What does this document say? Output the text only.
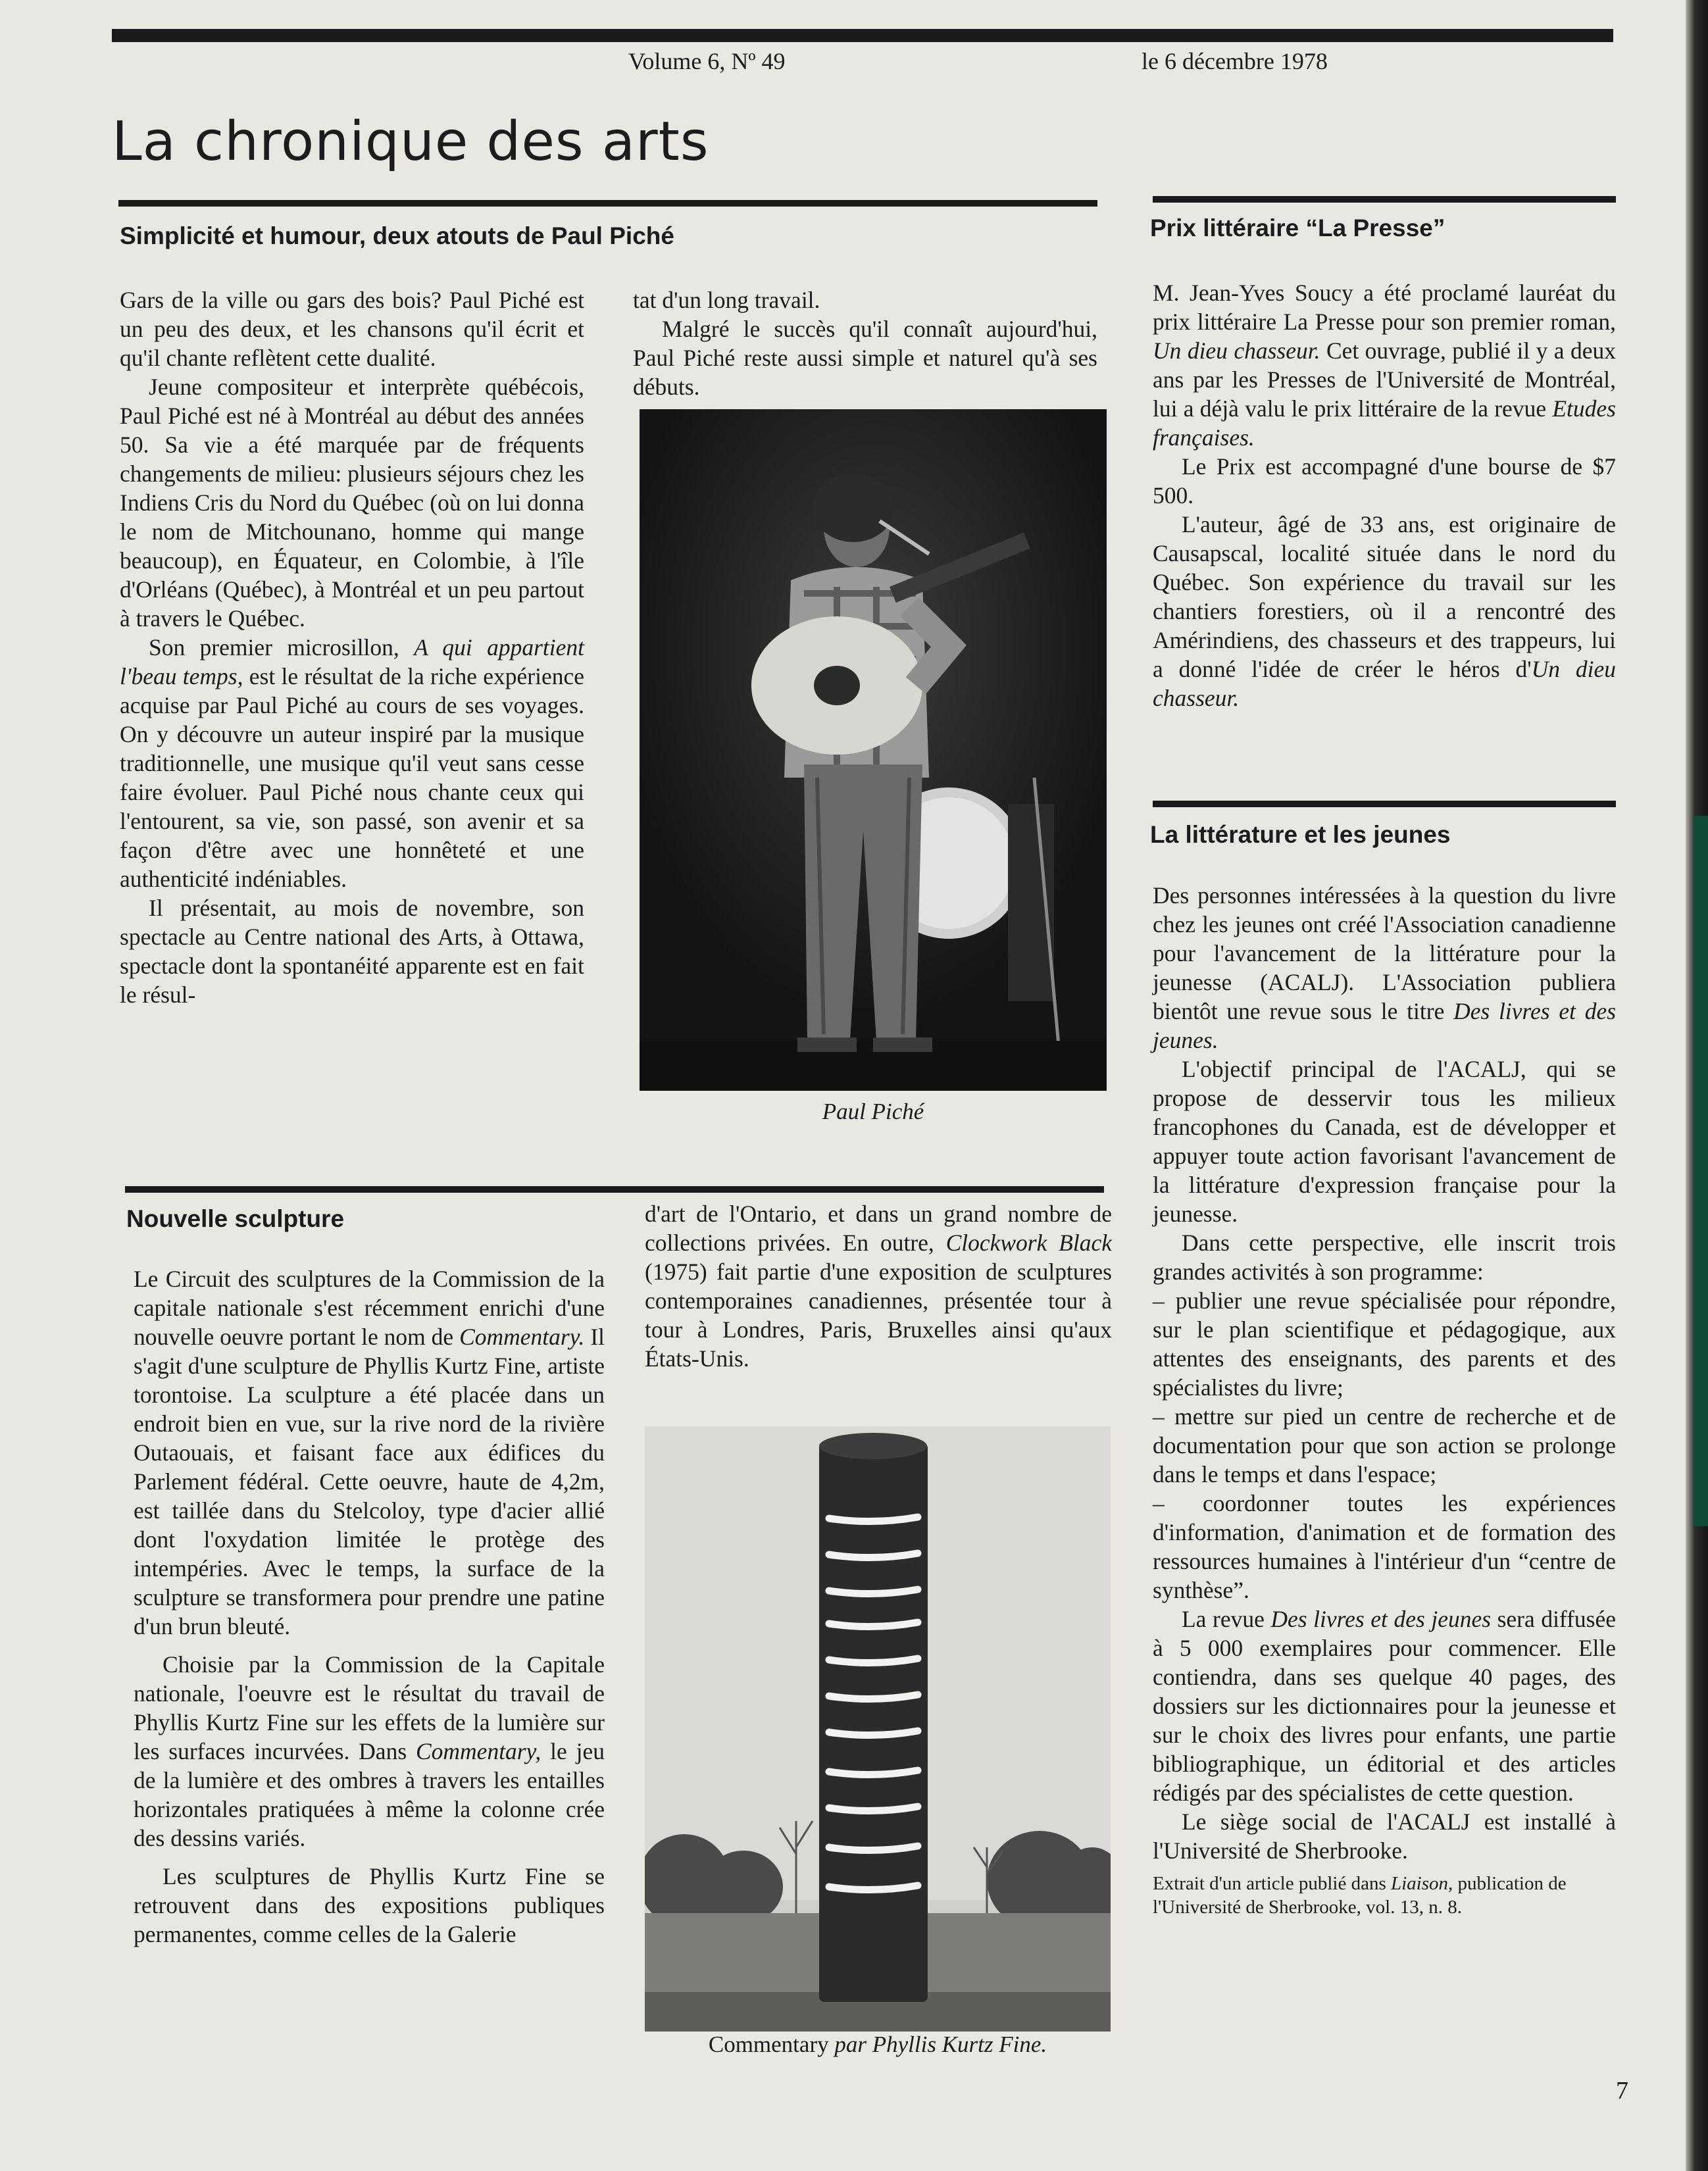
Volume 6, Nº 49	le 6 décembre 1978
La chronique des arts
Simplicité et humour, deux atouts de Paul Piché

Gars de la ville ou gars des bois? Paul Piché est un peu des deux, et les chansons qu'il écrit et qu'il chante reflètent cette dualité.

Jeune compositeur et interprète québécois, Paul Piché est né à Montréal au début des années 50. Sa vie a été marquée par de fréquents changements de milieu: plusieurs séjours chez les Indiens Cris du Nord du Québec (où on lui donna le nom de Mitchounano, homme qui mange beaucoup), en Équateur, en Colombie, à l'île d'Orléans (Québec), à Montréal et un peu partout à travers le Québec.

Son premier microsillon, A qui appartient l'beau temps, est le résultat de la riche expérience acquise par Paul Piché au cours de ses voyages. On y découvre un auteur inspiré par la musique traditionnelle, une musique qu'il veut sans cesse faire évoluer. Paul Piché nous chante ceux qui l'entourent, sa vie, son passé, son avenir et sa façon d'être avec une honnêteté et une authenticité indéniables.

Il présentait, au mois de novembre, son spectacle au Centre national des Arts, à Ottawa, spectacle dont la spontanéité apparente est en fait le résul-

tat d'un long travail.

Malgré le succès qu'il connaît aujourd'hui, Paul Piché reste aussi simple et naturel qu'à ses débuts.

Paul Piché
Prix littéraire “La Presse”

M. Jean-Yves Soucy a été proclamé lauréat du prix littéraire La Presse pour son premier roman, Un dieu chasseur. Cet ouvrage, publié il y a deux ans par les Presses de l'Université de Montréal, lui a déjà valu le prix littéraire de la revue Etudes françaises.

Le Prix est accompagné d'une bourse de $7 500.

L'auteur, âgé de 33 ans, est originaire de Causapscal, localité située dans le nord du Québec. Son expérience du travail sur les chantiers forestiers, où il a rencontré des Amérindiens, des chasseurs et des trappeurs, lui a donné l'idée de créer le héros d'Un dieu chasseur.

La littérature et les jeunes

Des personnes intéressées à la question du livre chez les jeunes ont créé l'Association canadienne pour l'avancement de la littérature pour la jeunesse (ACALJ). L'Association publiera bientôt une revue sous le titre Des livres et des jeunes.

L'objectif principal de l'ACALJ, qui se propose de desservir tous les milieux francophones du Canada, est de développer et appuyer toute action favorisant l'avancement de la littérature d'expression française pour la jeunesse.

Dans cette perspective, elle inscrit trois grandes activités à son programme:

– publier une revue spécialisée pour répondre, sur le plan scientifique et pédagogique, aux attentes des enseignants, des parents et des spécialistes du livre;

– mettre sur pied un centre de recherche et de documentation pour que son action se prolonge dans le temps et dans l'espace;

– coordonner toutes les expériences d'information, d'animation et de formation des ressources humaines à l'intérieur d'un “centre de synthèse”.

La revue Des livres et des jeunes sera diffusée à 5 000 exemplaires pour commencer. Elle contiendra, dans ses quelque 40 pages, des dossiers sur les dictionnaires pour la jeunesse et sur le choix des livres pour enfants, une partie bibliographique, un éditorial et des articles rédigés par des spécialistes de cette question.

Le siège social de l'ACALJ est installé à l'Université de Sherbrooke.

Extrait d'un article publié dans Liaison, publication de l'Université de Sherbrooke, vol. 13, n. 8.
Nouvelle sculpture

Le Circuit des sculptures de la Commission de la capitale nationale s'est récemment enrichi d'une nouvelle oeuvre portant le nom de Commentary. Il s'agit d'une sculpture de Phyllis Kurtz Fine, artiste torontoise. La sculpture a été placée dans un endroit bien en vue, sur la rive nord de la rivière Outaouais, et faisant face aux édifices du Parlement fédéral. Cette oeuvre, haute de 4,2m, est taillée dans du Stelcoloy, type d'acier allié dont l'oxydation limitée le protège des intempéries. Avec le temps, la surface de la sculpture se transformera pour prendre une patine d'un brun bleuté.

Choisie par la Commission de la Capitale nationale, l'oeuvre est le résultat du travail de Phyllis Kurtz Fine sur les effets de la lumière sur les surfaces incurvées. Dans Commentary, le jeu de la lumière et des ombres à travers les entailles horizontales pratiquées à même la colonne crée des dessins variés.

Les sculptures de Phyllis Kurtz Fine se retrouvent dans des expositions publiques permanentes, comme celles de la Galerie

d'art de l'Ontario, et dans un grand nombre de collections privées. En outre, Clockwork Black (1975) fait partie d'une exposition de sculptures contemporaines canadiennes, présentée tour à tour à Londres, Paris, Bruxelles ainsi qu'aux États-Unis.

Commentary par Phyllis Kurtz Fine.
7
